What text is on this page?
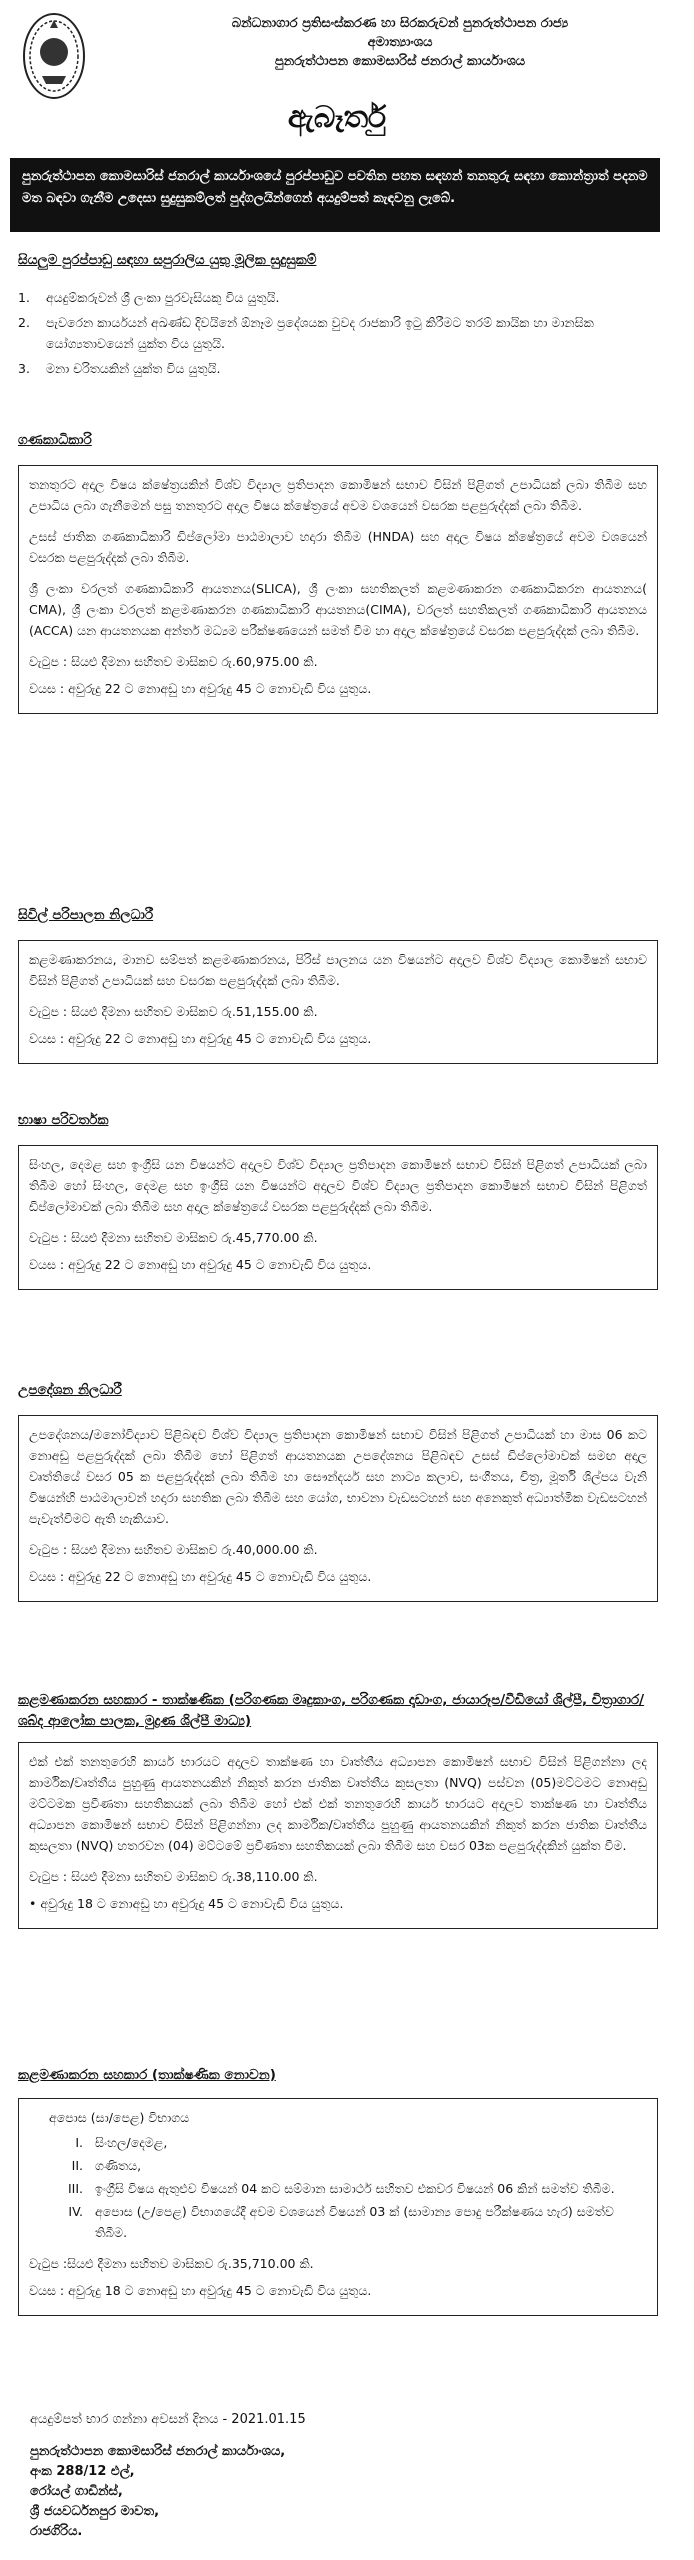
බන්ධනාගාර ප්‍රතිසංස්කරණ හා සිරකරුවන් පුනරුත්ථාපන රාජ්‍ය
අමාත්‍යාංශය
පුනරුත්ථාපන කොමසාරිස් ජනරාල් කාර්යාංශය
ඇබෑර්තු
පුනරුත්ථාපන කොමසාරිස් ජනරාල් කාර්යාංශයේ පුරප්පාඩුව පවතින පහත සඳහන් තනතුරු සඳහා කොන්ත්‍රාත් පදනම මත බඳවා ගැනීම උදෙසා සුදුසුකම්ලත් පුද්ගලයින්ගෙන් අයදුම්පත් කැඳවනු ලැබේ.
සියලුම පුරප්පාඩු සඳහා සපුරාලිය යුතු මූලික සුදුසුකම්
1.	අයදුම්කරුවන් ශ්‍රී ලංකා පුරවැසියකු විය යුතුයි.
2.	පැවරෙන කාර්යයන් අඛණ්ඩ දිවයිනේ ඕනෑම ප්‍රදේශයක වුවද රාජකාරි ඉටු කිරීමට තරම් කායික හා මානසික යෝග්‍යතාවයෙන් යුක්ත විය යුතුයි.
3.	මනා චරිතයකින් යුක්ත විය යුතුයි.
ගණකාධිකාරි

තනතුරට අදාල විෂය ක්ෂේත්‍රයකින් විශ්ව විද්‍යාල ප්‍රතිපාදන කොමිෂන් සභාව විසින් පිළිගත් උපාධියක් ලබා තිබීම සහ උපාධිය ලබා ගැනීමෙන් පසු තනතුරට අදාල විෂය ක්ෂේත්‍රයේ අවම වශයෙන් වසරක පළපුරුද්දක් ලබා තිබීම.

උසස් ජාතික ගණකාධිකාරි ඩිප්ලෝමා පාඨමාලාව හදාරා තිබීම (HNDA) සහ අදාල විෂය ක්ෂේත්‍රයේ අවම වශයෙන් වසරක පළපුරුද්දක් ලබා තිබීම.

ශ්‍රී ලංකා වරලත් ගණකාධිකාරි ආයතනය(SLICA), ශ්‍රී ලංකා සහතිකලත් කළමණාකරන ගණකාධිකරන ආයතනය( CMA), ශ්‍රී ලංකා වරලත් කළමණාකරන ගණකාධිකාරි ආයතනය(CIMA), වරලත් සහතිකලත් ගණකාධිකාරි ආයතනය (ACCA) යන ආයතනයක අන්තර් මධ්‍යම පරීක්ෂණයෙන් සමත් වීම හා අදාල ක්ෂේත්‍රයේ වසරක පළපුරුද්දක් ලබා තිබීම.

වැටුප : සියළු දීමනා සහිතව මාසිකව රු.60,975.00 කි.
වයස : අවුරුදු 22 ට නොඅඩු හා අවුරුදු 45 ට නොවැඩි විය යුතුය.
සිවිල් පරිපාලන නිලධාරී

කළමණාකරනය, මානව සම්පත් කළමණාකරනය, පිරිස් පාලනය යන විෂයන්ට අදාලව විශ්ව විද්‍යාල කොමිෂන් සභාව විසින් පිළිගත් උපාධියක් සහ වසරක පළපුරුද්දක් ලබා තිබීම.

වැටුප : සියළු දීමනා සහිතව මාසිකව රු.51,155.00 කි.
වයස : අවුරුදු 22 ට නොඅඩු හා අවුරුදු 45 ට නොවැඩි විය යුතුය.
භාෂා පරිවර්තක

සිංහල, දෙමළ සහ ඉංග්‍රීසි යන විෂයන්ට අදාලව විශ්ව විද්‍යාල ප්‍රතිපාදන කොමිෂන් සභාව විසින් පිළිගත් උපාධියක් ලබා තිබීම හෝ සිංහල, දෙමළ සහ ඉංග්‍රීසි යන විෂයන්ට අදාලව විශ්ව විද්‍යාල ප්‍රතිපාදන කොමිෂන් සභාව විසින් පිළිගත් ඩිප්ලෝමාවක් ලබා තිබීම සහ අදාල ක්ෂේත්‍රයේ වසරක පළපුරුද්දක් ලබා තිබීම.

වැටුප : සියළු දීමනා සහිතව මාසිකව රු.45,770.00 කි.
වයස : අවුරුදු 22 ට නොඅඩු හා අවුරුදු 45 ට නොවැඩි විය යුතුය.
උපදේශන නිලධාරී

උපදේශනය/මනෝවිද්‍යාව පිළිබඳව විශ්ව විද්‍යාල ප්‍රතිපාදන කොමිෂන් සභාව විසින් පිළිගත් උපාධියක් හා මාස 06 කට නොඅඩු පළපුරුද්දක් ලබා තිබීම හෝ පිළිගත් ආයතනයක උපදේශනය පිළිබඳව උසස් ඩිප්ලෝමාවක් සමඟ අදාල වෘත්තියේ වසර 05 ක පළපුරුද්දක් ලබා තිබීම හා සෞන්දර්ය සහ නාට්‍ය කලාව, සංගීතය, චිත්‍ර, මූර්ති ශිල්පය වැනි විෂයන්හි පාඨමාලාවන් හදාරා සහතික ලබා තිබීම සහ යෝග, භාවනා වැඩසටහන් සහ අනෙකුත් අධ්‍යාත්මික වැඩසටහන් පැවැත්වීමට ඇති හැකියාව.

වැටුප : සියළු දීමනා සහිතව මාසිකව රු.40,000.00 කි.
වයස : අවුරුදු 22 ට නොඅඩු හා අවුරුදු 45 ට නොවැඩි විය යුතුය.
කළමණාකරන සහකාර - තාක්ෂණික (පරිගණක මෘදුකාංග, පරිගණක දෘඩාංග, ජායාරූප/වීඩියෝ ශිල්පී, චිත්‍රාගාර/ශබ්ද ආලෝක පාලක, මුද්‍රණ ශිල්පී මාධ්‍ය)

එක් එක් තනතුරෙහි කාර්ය භාරයට අදාලව තාක්ෂණ හා වෘත්තීය අධ්‍යාපන කොමිෂන් සභාව විසින් පිළිගන්නා ලද කාර්මික/වෘත්තීය පුහුණු ආයතනයකින් නිකුත් කරන ජාතික වෘත්තීය කුසලතා (NVQ) පස්වන (05)මට්ටමට නොඅඩු මට්ටමක ප්‍රවීණතා සහතිකයක් ලබා තිබීම හෝ එක් එක් තනතුරෙහි කාර්ය භාරයට අදාලව තාක්ෂණ හා වෘත්තීය අධ්‍යාපන කොමිෂන් සභාව විසින් පිළිගන්නා ලද කාර්මික/වෘත්තීය පුහුණු ආයතනයකින් නිකුත් කරන ජාතික වෘත්තීය කුසලතා (NVQ) හතරවන (04) මට්ටමේ ප්‍රවීණතා සහතිකයක් ලබා තිබීම සහ වසර 03ක පළපුරුද්දකින් යුක්ත වීම.

වැටුප : සියළු දීමනා සහිතව මාසිකව රු.38,110.00 කි.
• අවුරුදු 18 ට නොඅඩු හා අවුරුදු 45 ට නොවැඩි විය යුතුය.
කළමණාකරන සහකාර (තාක්ෂණික නොවන)
අපොස (සා/පෙළ) විභාගය
I. සිංහල/දෙමළ,
II. ගණිතය,
III. ඉංග්‍රීසි විෂය ඇතුළුව විෂයන් 04 කට සම්මාන සාමාර්ථ සහිතව එකවර විෂයන් 06 කින් සමත්ව තිබීම.
IV. අපොස (උ/පෙළ) විභාගයේදී අවම වශයෙන් විෂයන් 03 ක් (සාමාන්‍ය පොදු පරීක්ෂණය හැර) සමත්ව තිබීම.
වැටුප :සියළු දීමනා සහිතව මාසිකව රු.35,710.00 කි.
වයස : අවුරුදු 18 ට නොඅඩු හා අවුරුදු 45 ට නොවැඩි විය යුතුය.
අයදුම්පත් භාර ගන්නා අවසන් දිනය - 2021.01.15
පුනරුත්ථාපන කොමසාරිස් ජනරාල් කාර්යාංශය,
අංක 288/12 එල්,
රෝයල් ගාඩින්ස්,
ශ්‍රී ජයවර්ධනපුර මාවත,
රාජගිරිය.
